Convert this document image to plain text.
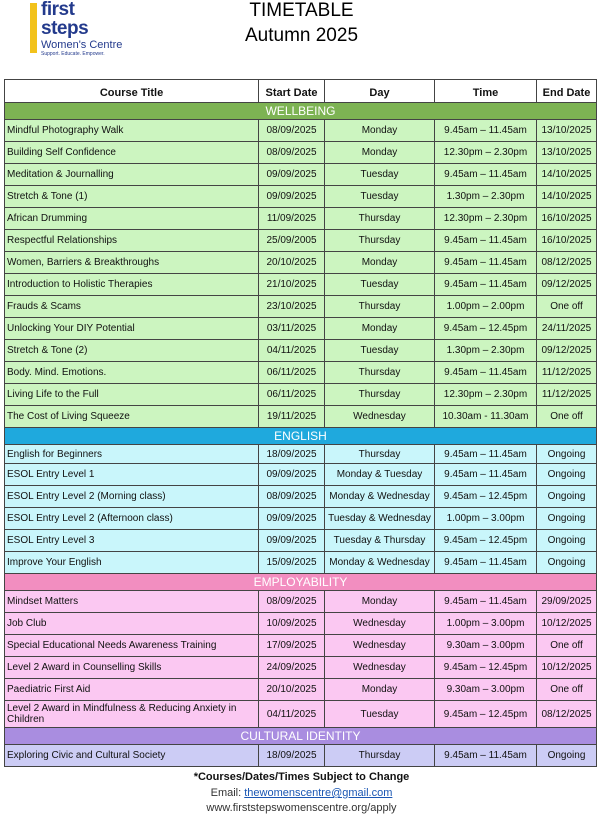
first
steps
Women's Centre
Support. Educate. Empower.
TIMETABLE
Autumn 2025
Course Title	Start Date	Day	Time	End Date
WELLBEING				
Mindful Photography Walk	08/09/2025	Monday	9.45am – 11.45am	13/10/2025
Building Self Confidence	08/09/2025	Monday	12.30pm – 2.30pm	13/10/2025
Meditation & Journalling	09/09/2025	Tuesday	9.45am – 11.45am	14/10/2025
Stretch & Tone (1)	09/09/2025	Tuesday	1.30pm – 2.30pm	14/10/2025
African Drumming	11/09/2025	Thursday	12.30pm – 2.30pm	16/10/2025
Respectful Relationships	25/09/2005	Thursday	9.45am – 11.45am	16/10/2025
Women, Barriers & Breakthroughs	20/10/2025	Monday	9.45am – 11.45am	08/12/2025
Introduction to Holistic Therapies	21/10/2025	Tuesday	9.45am – 11.45am	09/12/2025
Frauds & Scams	23/10/2025	Thursday	1.00pm – 2.00pm	One off
Unlocking Your DIY Potential	03/11/2025	Monday	9.45am – 12.45pm	24/11/2025
Stretch & Tone (2)	04/11/2025	Tuesday	1.30pm – 2.30pm	09/12/2025
Body. Mind. Emotions.	06/11/2025	Thursday	9.45am – 11.45am	11/12/2025
Living Life to the Full	06/11/2025	Thursday	12.30pm – 2.30pm	11/12/2025
The Cost of Living Squeeze	19/11/2025	Wednesday	10.30am - 11.30am	One off
ENGLISH				
English for Beginners	18/09/2025	Thursday	9.45am – 11.45am	Ongoing
ESOL Entry Level 1	09/09/2025	Monday & Tuesday	9.45am – 11.45am	Ongoing
ESOL Entry Level 2 (Morning class)	08/09/2025	Monday & Wednesday	9.45am – 12.45pm	Ongoing
ESOL Entry Level 2 (Afternoon class)	09/09/2025	Tuesday & Wednesday	1.00pm – 3.00pm	Ongoing
ESOL Entry Level 3	09/09/2025	Tuesday & Thursday	9.45am – 12.45pm	Ongoing
Improve Your English	15/09/2025	Monday & Wednesday	9.45am – 11.45am	Ongoing
EMPLOYABILITY				
Mindset Matters	08/09/2025	Monday	9.45am – 11.45am	29/09/2025
Job Club	10/09/2025	Wednesday	1.00pm – 3.00pm	10/12/2025
Special Educational Needs Awareness Training	17/09/2025	Wednesday	9.30am – 3.00pm	One off
Level 2 Award in Counselling Skills	24/09/2025	Wednesday	9.45am – 12.45pm	10/12/2025
Paediatric First Aid	20/10/2025	Monday	9.30am – 3.00pm	One off
Level 2 Award in Mindfulness & Reducing Anxiety in Children	04/11/2025	Tuesday	9.45am – 12.45pm	08/12/2025
CULTURAL IDENTITY				
Exploring Civic and Cultural Society	18/09/2025	Thursday	9.45am – 11.45am	Ongoing
*Courses/Dates/Times Subject to Change
Email: thewomenscentre@gmail.com
www.firststepswomenscentre.org/apply
